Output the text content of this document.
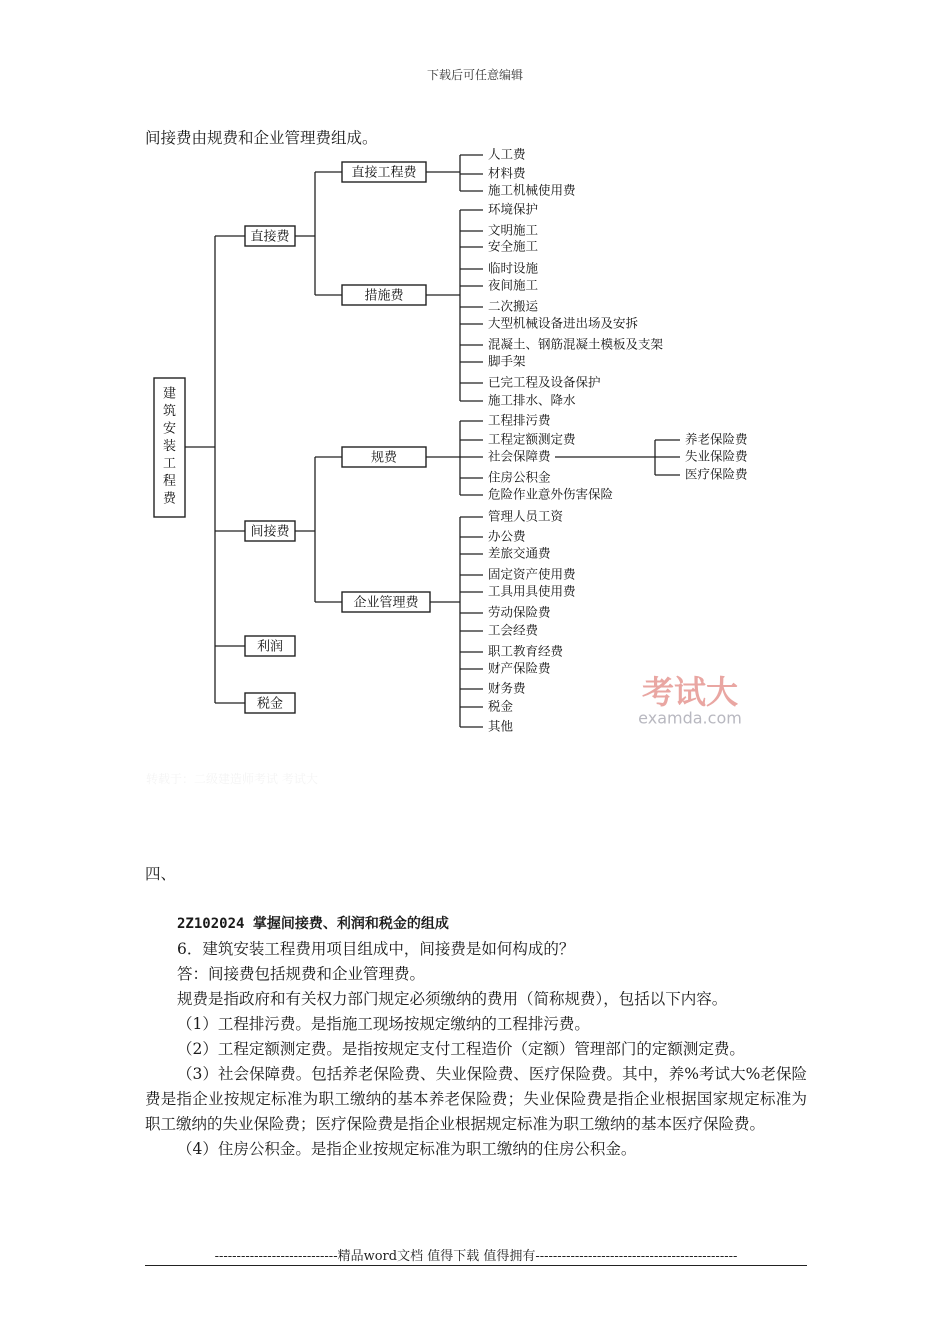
下载后可任意编辑
间接费由规费和企业管理费组成。
建
筑
安
装
工
程
费
直接费
间接费
利润
税金
直接工程费
措施费
规费
企业管理费
人工费
材料费
施工机械使用费
环境保护
文明施工
安全施工
临时设施
夜间施工
二次搬运
大型机械设备进出场及安拆
混凝土、钢筋混凝土模板及支架
脚手架
已完工程及设备保护
施工排水、降水
工程排污费
工程定额测定费
社会保障费
住房公积金
危险作业意外伤害保险
管理人员工资
办公费
差旅交通费
固定资产使用费
工具用具使用费
劳动保险费
工会经费
职工教育经费
财产保险费
财务费
税金
其他
养老保险费
失业保险费
医疗保险费
考试大
examda.com
转载于：二级建造师考试 考试大
四、

2Z102024 掌握间接费、利润和税金的组成

6．建筑安装工程费用项目组成中，间接费是如何构成的？

答：间接费包括规费和企业管理费。

规费是指政府和有关权力部门规定必须缴纳的费用（简称规费），包括以下内容。

（1）工程排污费。是指施工现场按规定缴纳的工程排污费。

（2）工程定额测定费。是指按规定支付工程造价（定额）管理部门的定额测定费。

（3）社会保障费。包括养老保险费、失业保险费、医疗保险费。其中，养%考试大%老保险费是指企业按规定标准为职工缴纳的基本养老保险费；失业保险费是指企业根据国家规定标准为职工缴纳的失业保险费；医疗保险费是指企业根据规定标准为职工缴纳的基本医疗保险费。

（4）住房公积金。是指企业按规定标准为职工缴纳的住房公积金。

----------------------------精品word文档 值得下载 值得拥有----------------------------------------------
